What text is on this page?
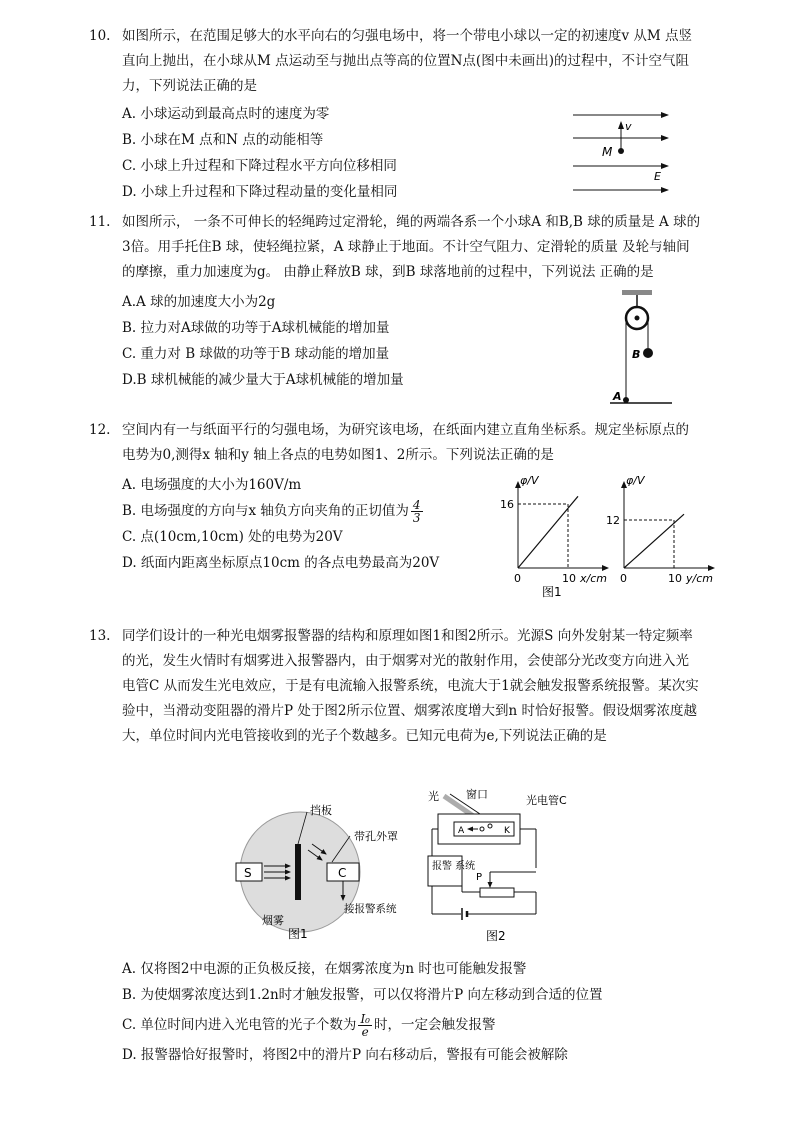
10. 如图所示，在范围足够大的水平向右的匀强电场中，将一个带电小球以一定的初速度v 从M 点竖直向上抛出，在小球从M 点运动至与抛出点等高的位置N点(图中未画出)的过程中，不计空气阻力，下列说法正确的是
A. 小球运动到最高点时的速度为零
B. 小球在M 点和N 点的动能相等
C. 小球上升过程和下降过程水平方向位移相同
D. 小球上升过程和下降过程动量的变化量相同
v
M
E
11. 如图所示， 一条不可伸长的轻绳跨过定滑轮，绳的两端各系一个小球A 和B,B 球的质量是 A 球的3倍。用手托住B 球，使轻绳拉紧，A 球静止于地面。不计空气阻力、定滑轮的质量 及轮与轴间的摩擦，重力加速度为g。 由静止释放B 球，到B 球落地前的过程中，下列说法 正确的是
A.A 球的加速度大小为2g
B. 拉力对A球做的功等于A球机械能的增加量
C. 重力对 B 球做的功等于B 球动能的增加量
D.B 球机械能的减少量大于A球机械能的增加量
B
A
12. 空间内有一与纸面平行的匀强电场，为研究该电场，在纸面内建立直角坐标系。规定坐标原点的电势为0,测得x 轴和y 轴上各点的电势如图1、2所示。下列说法正确的是
A. 电场强度的大小为160V/m
B. 电场强度的方向与x 轴负方向夹角的正切值为 $\frac{4}{3}$
C. 点(10cm,10cm) 处的电势为20V
D. 纸面内距离坐标原点10cm 的各点电势最高为20V
0	10
16
x/cm
φ/V
0	10
12
y/cm
φ/V
图1
13. 同学们设计的一种光电烟雾报警器的结构和原理如图1和图2所示。光源S 向外发射某一特定频率的光，发生火情时有烟雾进入报警器内，由于烟雾对光的散射作用，会使部分光改变方向进入光电管C 从而发生光电效应，于是有电流输入报警系统，电流大于1就会触发报警系统报警。某次实验中，当滑动变阻器的滑片P 处于图2所示位置、烟雾浓度增大到n 时恰好报警。假设烟雾浓度越大，单位时间内光电管接收到的光子个数越多。已知元电荷为e,下列说法正确的是
S	C
挡板
带孔外罩
烟雾
接报警系统
图1
光 窗口	光电管C
A	K
报警 系统
P
图2
A. 仅将图2中电源的正负极反接，在烟雾浓度为n 时也可能触发报警
B. 为使烟雾浓度达到1.2n时才触发报警，可以仅将滑片P 向左移动到合适的位置
C. 单位时间内进入光电管的光子个数为 $\frac{\text{I₀}}{e}$ 时，一定会触发报警
D. 报警器恰好报警时，将图2中的滑片P 向右移动后，警报有可能会被解除
